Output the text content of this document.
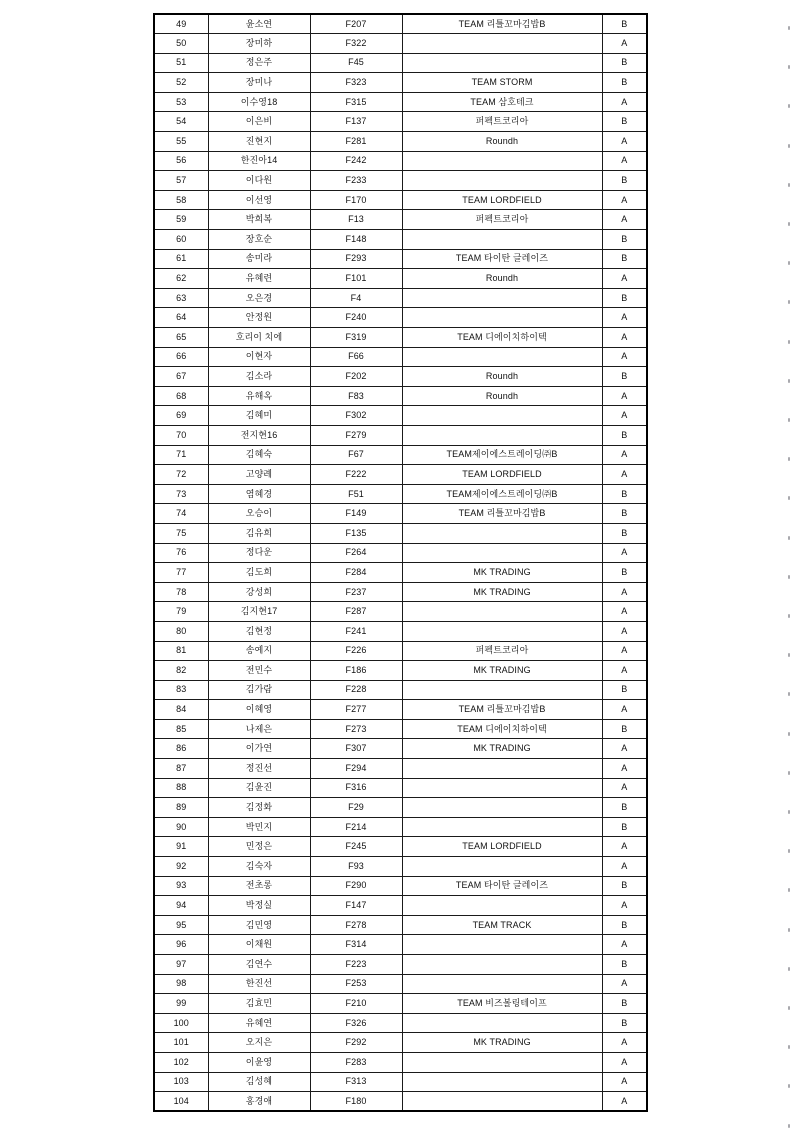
49	윤소연	F207	TEAM 리틀꼬마김밥B	B
50	장미하	F322		A
51	정은주	F45		B
52	장미나	F323	TEAM STORM	B
53	이수영18	F315	TEAM 삼호테크	A
54	이은비	F137	퍼펙트코리아	B
55	진현지	F281	Roundh	A
56	한진아14	F242		A
57	이다원	F233		B
58	이선영	F170	TEAM LORDFIELD	A
59	박희복	F13	퍼펙트코리아	A
60	장호순	F148		B
61	송미라	F293	TEAM 타이탄 글레이즈	B
62	유혜련	F101	Roundh	A
63	오은경	F4		B
64	안정원	F240		A
65	호리이 치에	F319	TEAM 디에이치하이텍	A
66	이현자	F66		A
67	김소라	F202	Roundh	B
68	유해옥	F83	Roundh	A
69	김혜미	F302		A
70	전지현16	F279		B
71	김혜숙	F67	TEAM제이에스트레이딩㈜B	A
72	고양례	F222	TEAM LORDFIELD	A
73	염혜경	F51	TEAM제이에스트레이딩㈜B	B
74	오승이	F149	TEAM 리틀꼬마김밥B	B
75	김유희	F135		B
76	정다운	F264		A
77	김도희	F284	MK TRADING	B
78	강성희	F237	MK TRADING	A
79	김지현17	F287		A
80	김현정	F241		A
81	송예지	F226	퍼펙트코리아	A
82	전민수	F186	MK TRADING	A
83	김가람	F228		B
84	이혜영	F277	TEAM 리틀꼬마김밥B	A
85	나제은	F273	TEAM 디에이치하이텍	B
86	이가연	F307	MK TRADING	A
87	정진선	F294		A
88	김윤진	F316		A
89	김정화	F29		B
90	박민지	F214		B
91	민정은	F245	TEAM LORDFIELD	A
92	김숙자	F93		A
93	전초롱	F290	TEAM 타이탄 글레이즈	B
94	박정실	F147		A
95	김민영	F278	TEAM TRACK	B
96	이채원	F314		A
97	김연수	F223		B
98	한진선	F253		A
99	김효민	F210	TEAM 비즈볼링테이프	B
100	유혜연	F326		B
101	오지은	F292	MK TRADING	A
102	이윤영	F283		A
103	김성혜	F313		A
104	홍경애	F180		A
